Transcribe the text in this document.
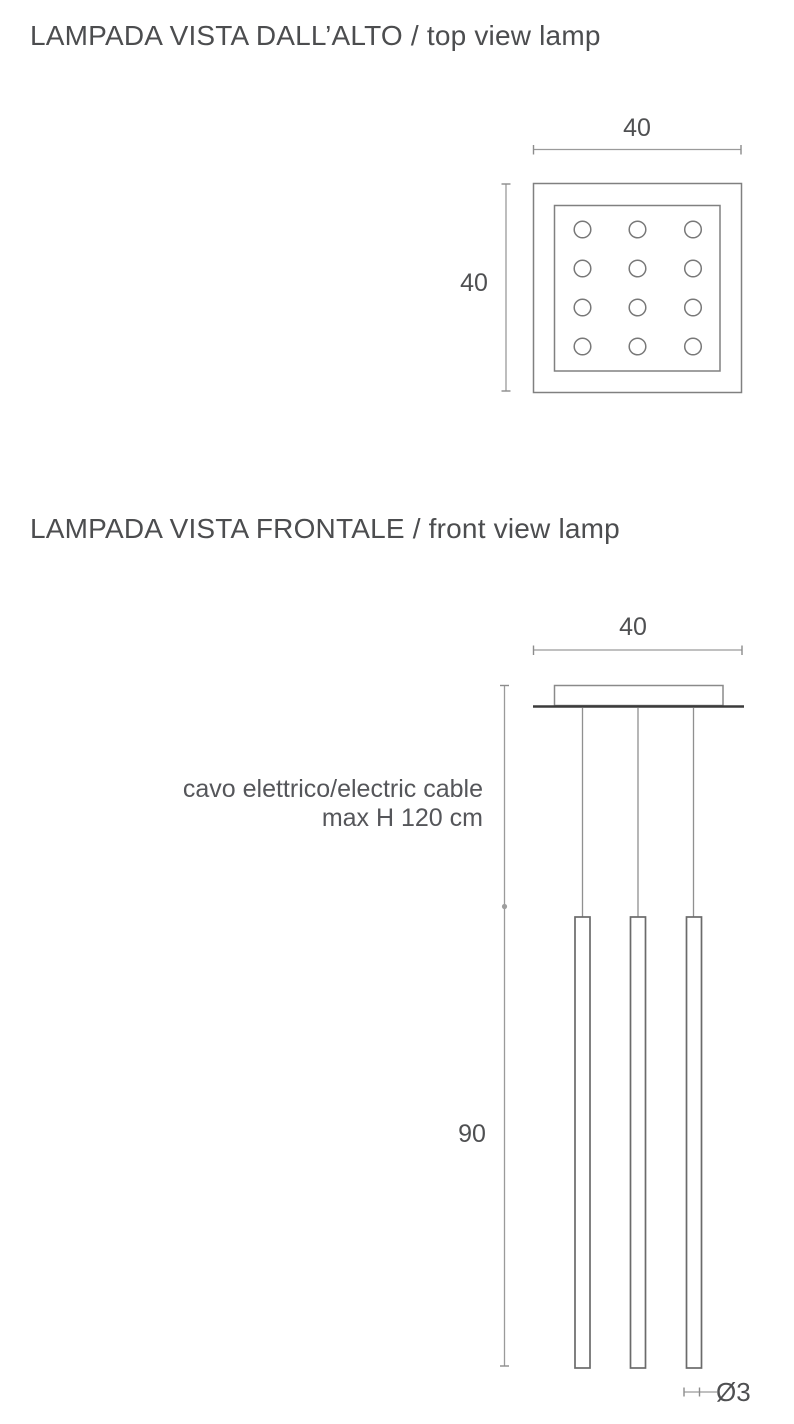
LAMPADA VISTA DALL’ALTO / top view lamp
40
40
LAMPADA VISTA FRONTALE / front view lamp
40
cavo elettrico/electric cable
max H 120 cm
90
Ø3
